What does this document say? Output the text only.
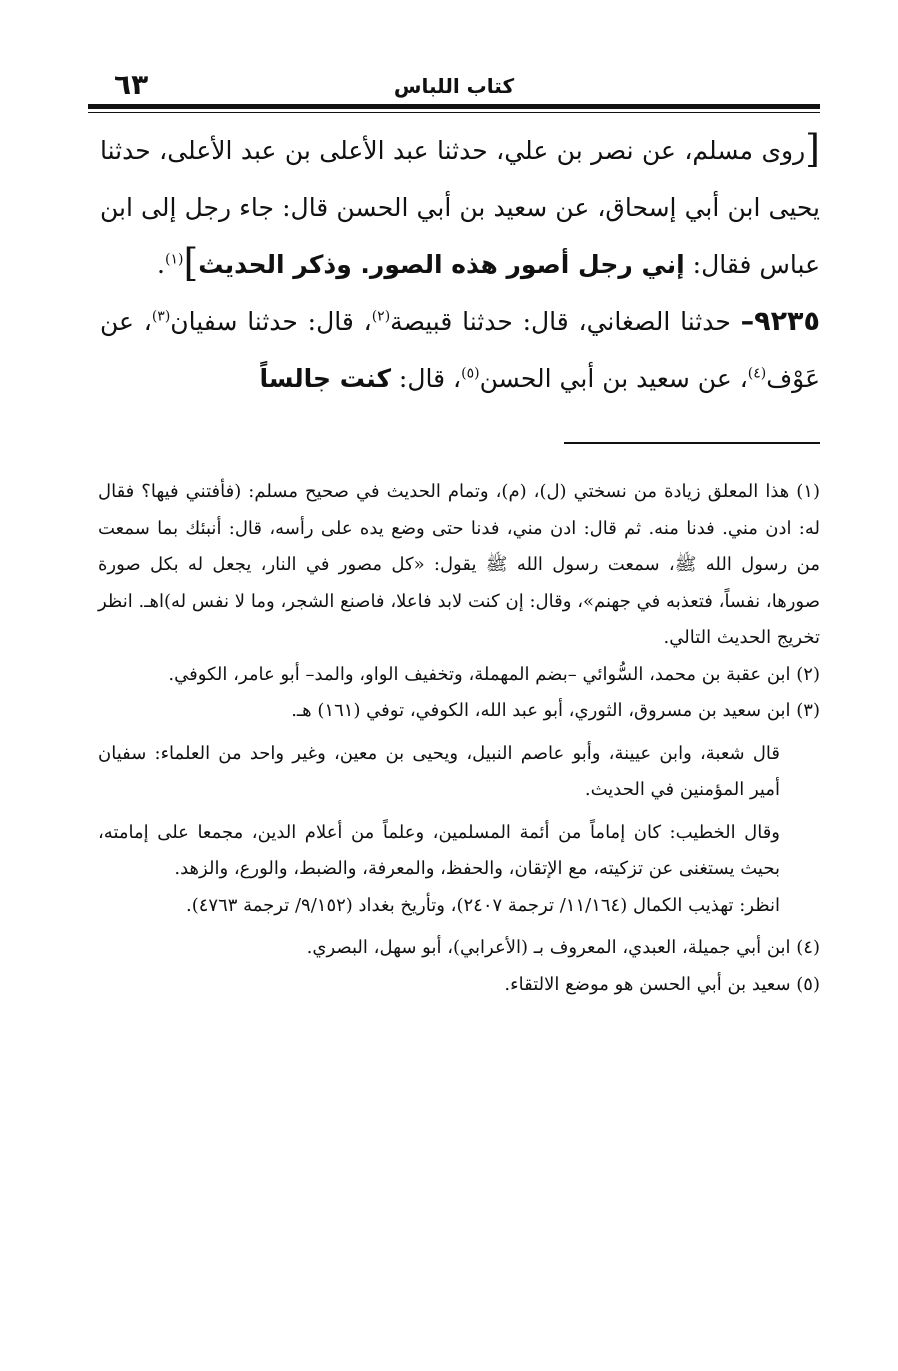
كتاب اللباس
٦٣

[روى مسلم، عن نصر بن علي، حدثنا عبد الأعلى بن عبد الأعلى، حدثنا يحيى ابن أبي إسحاق، عن سعيد بن أبي الحسن قال: جاء رجل إلى ابن عباس فقال: إني رجل أصور هذه الصور. وذكر الحديث]$^{(١)}$.

٩٢٣٥– حدثنا الصغاني، قال: حدثنا قبيصة$^{(٢)}$، قال: حدثنا سفيان$^{(٣)}$، عن عَوْف$^{(٤)}$، عن سعيد بن أبي الحسن$^{(٥)}$، قال: كنت جالساً

(١) هذا المعلق زيادة من نسختي (ل)، (م)، وتمام الحديث في صحيح مسلم: (فأفتني فيها؟ فقال له: ادن مني. فدنا منه. ثم قال: ادن مني، فدنا حتى وضع يده على رأسه، قال: أنبئك بما سمعت من رسول الله ﷺ، سمعت رسول الله ﷺ يقول: «كل مصور في النار، يجعل له بكل صورة صورها، نفساً، فتعذبه في جهنم»، وقال: إن كنت لابد فاعلا، فاصنع الشجر، وما لا نفس له)اهـ. انظر تخريج الحديث التالي.

(٢) ابن عقبة بن محمد، السُّوائي –بضم المهملة، وتخفيف الواو، والمد– أبو عامر، الكوفي.

(٣) ابن سعيد بن مسروق، الثوري، أبو عبد الله، الكوفي، توفي (١٦١) هـ.

قال شعبة، وابن عيينة، وأبو عاصم النبيل، ويحيى بن معين، وغير واحد من العلماء: سفيان أمير المؤمنين في الحديث.

وقال الخطيب: كان إماماً من أئمة المسلمين، وعلماً من أعلام الدين، مجمعا على إمامته، بحيث يستغنى عن تزكيته، مع الإتقان، والحفظ، والمعرفة، والضبط، والورع، والزهد.

انظر: تهذيب الكمال (١١/١٦٤/ ترجمة ٢٤٠٧)، وتأريخ بغداد (٩/١٥٢/ ترجمة ٤٧٦٣).

(٤) ابن أبي جميلة، العبدي، المعروف بـ (الأعرابي)، أبو سهل، البصري.

(٥) سعيد بن أبي الحسن هو موضع الالتقاء.
